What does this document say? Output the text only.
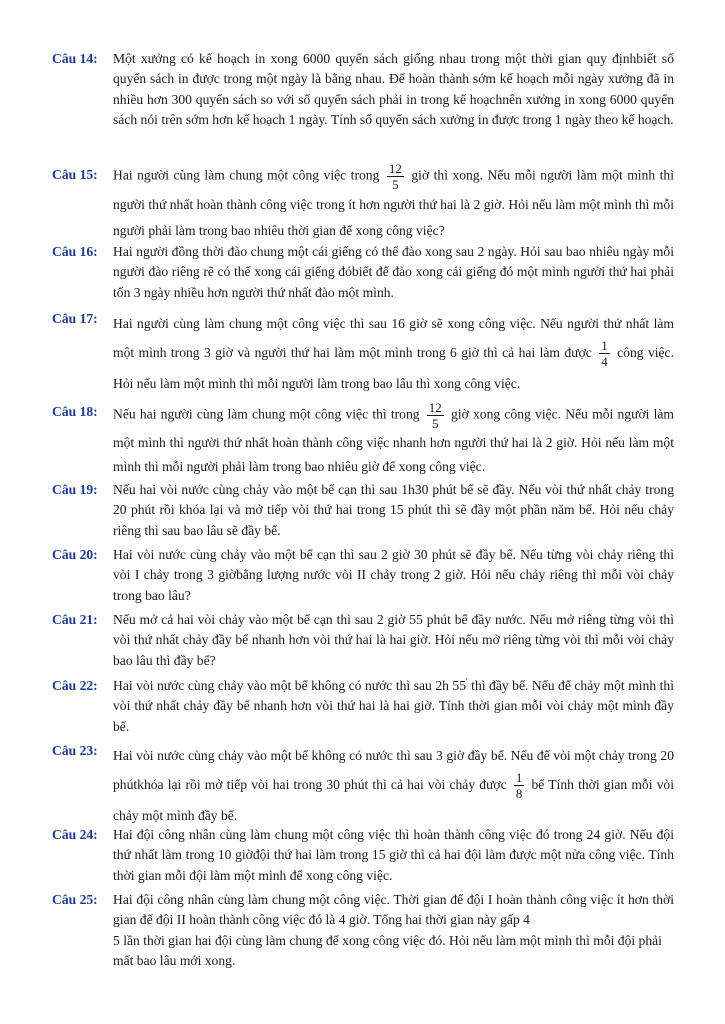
Câu 14: Một xưởng có kế hoạch in xong 6000 quyển sách giống nhau trong một thời gian quy địnhbiết số quyển sách in được trong một ngày là bằng nhau. Để hoàn thành sớm kế hoạch mỗi ngày xưởng đã in nhiều hơn 300 quyển sách so với số quyển sách phải in trong kế hoạchnên xưởng in xong 6000 quyển sách nói trên sớm hơn kế hoạch 1 ngày. Tính số quyển sách xưởng in được trong 1 ngày theo kế hoạch.

Câu 15: Hai người cùng làm chung một công việc trong $\frac{12}{5}$ giờ thì xong. Nếu mỗi người làm một mình thì người thứ nhất hoàn thành công việc trong ít hơn người thứ hai là 2 giờ. Hỏi nếu làm một mình thì mỗi người phải làm trong bao nhiêu thời gian để xong công việc?
Câu 16: Hai người đồng thời đào chung một cái giếng có thể đào xong sau 2 ngày. Hỏi sau bao nhiêu ngày mỗi người đào riêng rẽ có thể xong cái giếng đóbiết để đào xong cái giếng đó một mình người thứ hai phải tốn 3 ngày nhiều hơn người thứ nhất đào một mình.

Câu 17: Hai người cùng làm chung một công việc thì sau 16 giờ sẽ xong công việc. Nếu người thứ nhất làm một mình trong 3 giờ và người thứ hai làm một mình trong 6 giờ thì cả hai làm được $\frac{1}{4}$ công việc. Hỏi nếu làm một mình thì mỗi người làm trong bao lâu thì xong công việc.
Câu 18: Nếu hai người cùng làm chung một công việc thì trong $\frac{12}{5}$ giờ xong công việc. Nếu mỗi người làm một mình thì người thứ nhất hoàn thành công việc nhanh hơn người thứ hai là 2 giờ. Hỏi nếu làm một mình thì mỗi người phải làm trong bao nhiêu giờ để xong công việc.
Câu 19: Nếu hai vòi nước cùng chảy vào một bể cạn thì sau 1h30 phút bể sẽ đầy. Nếu vòi thứ nhất chảy trong 20 phút rồi khóa lại và mở tiếp vòi thứ hai trong 15 phút thì sẽ đầy một phần năm bể. Hỏi nếu chảy riêng thì sau bao lâu sẽ đầy bể.

Câu 20: Hai vòi nước cùng chảy vào một bể cạn thì sau 2 giờ 30 phút sẽ đầy bể. Nếu từng vòi chảy riêng thì vòi I chảy trong 3 giờbằng lượng nước vòi II chảy trong 2 giờ. Hỏi nếu chảy riêng thì mỗi vòi chảy trong bao lâu?

Câu 21: Nếu mở cả hai vòi chảy vào một bể cạn thì sau 2 giờ 55 phút bể đầy nước. Nếu mở riêng từng vòi thì vòi thứ nhất chảy đầy bể nhanh hơn vòi thứ hai là hai giờ. Hỏi nếu mở riêng từng vòi thì mỗi vòi chảy bao lâu thì đầy bể?

Câu 22: Hai vòi nước cùng chảy vào một bể không có nước thì sau 2h 55' thì đầy bể. Nếu để chảy một mình thì vòi thứ nhất chảy đầy bể nhanh hơn vòi thứ hai là hai giờ. Tính thời gian mỗi vòi chảy một mình đầy bể.

Câu 23: Hai vòi nước cùng chảy vào một bể không có nước thì sau 3 giờ đầy bể. Nếu để vòi một chảy trong 20 phútkhóa lại rồi mở tiếp vòi hai trong 30 phút thì cả hai vòi chảy được $\frac{1}{8}$ bể Tính thời gian mỗi vòi chảy một mình đầy bể.
Câu 24: Hai đội công nhân cùng làm chung một công việc thì hoàn thành công việc đó trong 24 giờ. Nếu đội thứ nhất làm trong 10 giờđội thứ hai làm trong 15 giờ thì cả hai đội làm được một nửa công việc. Tính thời gian mỗi đội làm một mình để xong công việc.

Câu 25: Hai đội công nhân cùng làm chung một công việc. Thời gian để đội I hoàn thành công việc ít hơn thời gian để đội II hoàn thành công việc đó là 4 giờ. Tổng hai thời gian này gấp 4

5 lần thời gian hai đội cùng làm chung để xong công việc đó. Hỏi nếu làm một mình thì mỗi đội phải mất bao lâu mới xong.
